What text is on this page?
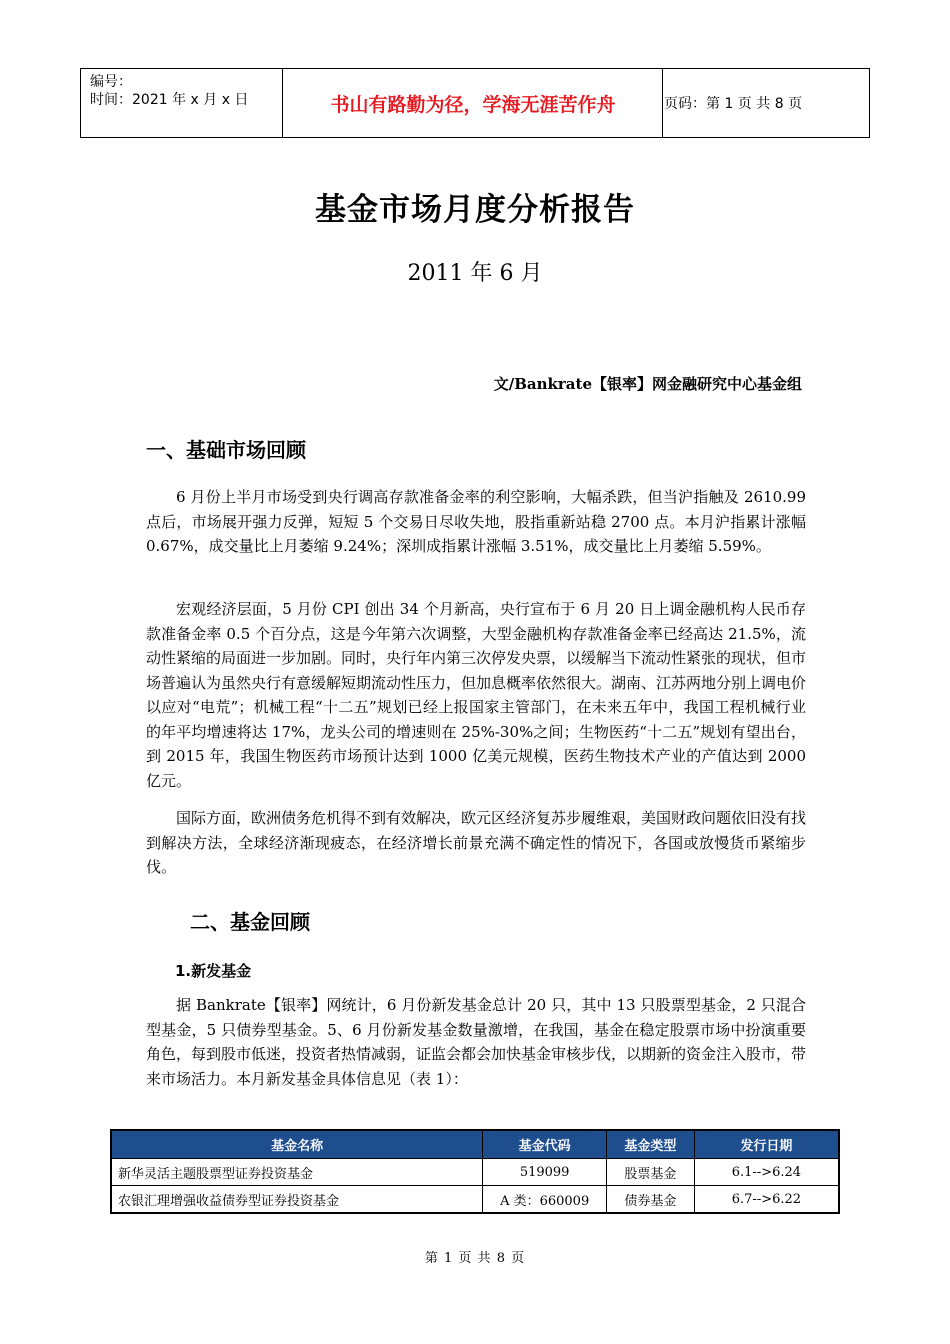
编号：
时间：2021 年 x 月 x 日	书山有路勤为径，学海无涯苦作舟	页码：第 1 页 共 8 页
基金市场月度分析报告
2011 年 6 月
文/Bankrate【银率】网金融研究中心基金组
一、基础市场回顾

6 月份上半月市场受到央行调高存款准备金率的利空影响，大幅杀跌，但当沪指触及 2610.99 点后，市场展开强力反弹，短短 5 个交易日尽收失地，股指重新站稳 2700 点。本月沪指累计涨幅 0.67%，成交量比上月萎缩 9.24%；深圳成指累计涨幅 3.51%，成交量比上月萎缩 5.59%。

宏观经济层面，5 月份 CPI 创出 34 个月新高，央行宣布于 6 月 20 日上调金融机构人民币存款准备金率 0.5 个百分点，这是今年第六次调整，大型金融机构存款准备金率已经高达 21.5%，流动性紧缩的局面进一步加剧。同时，央行年内第三次停发央票，以缓解当下流动性紧张的现状，但市场普遍认为虽然央行有意缓解短期流动性压力，但加息概率依然很大。湖南、江苏两地分别上调电价以应对“电荒”；机械工程“十二五”规划已经上报国家主管部门，在未来五年中，我国工程机械行业的年平均增速将达 17%，龙头公司的增速则在 25%-30%之间；生物医药“十二五”规划有望出台，到 2015 年，我国生物医药市场预计达到 1000 亿美元规模，医药生物技术产业的产值达到 2000 亿元。

国际方面，欧洲债务危机得不到有效解决，欧元区经济复苏步履维艰，美国财政问题依旧没有找到解决方法，全球经济渐现疲态，在经济增长前景充满不确定性的情况下，各国或放慢货币紧缩步伐。

二、基金回顾
1.新发基金

据 Bankrate【银率】网统计，6 月份新发基金总计 20 只，其中 13 只股票型基金，2 只混合型基金，5 只债券型基金。5、6 月份新发基金数量激增，在我国，基金在稳定股票市场中扮演重要角色，每到股市低迷，投资者热情减弱，证监会都会加快基金审核步伐，以期新的资金注入股市，带来市场活力。本月新发基金具体信息见（表 1）：

基金名称	基金代码	基金类型	发行日期
新华灵活主题股票型证券投资基金	519099	股票基金	6.1-->6.24
农银汇理增强收益债券型证券投资基金	A 类：660009	债券基金	6.7-->6.22
第 1 页 共 8 页
